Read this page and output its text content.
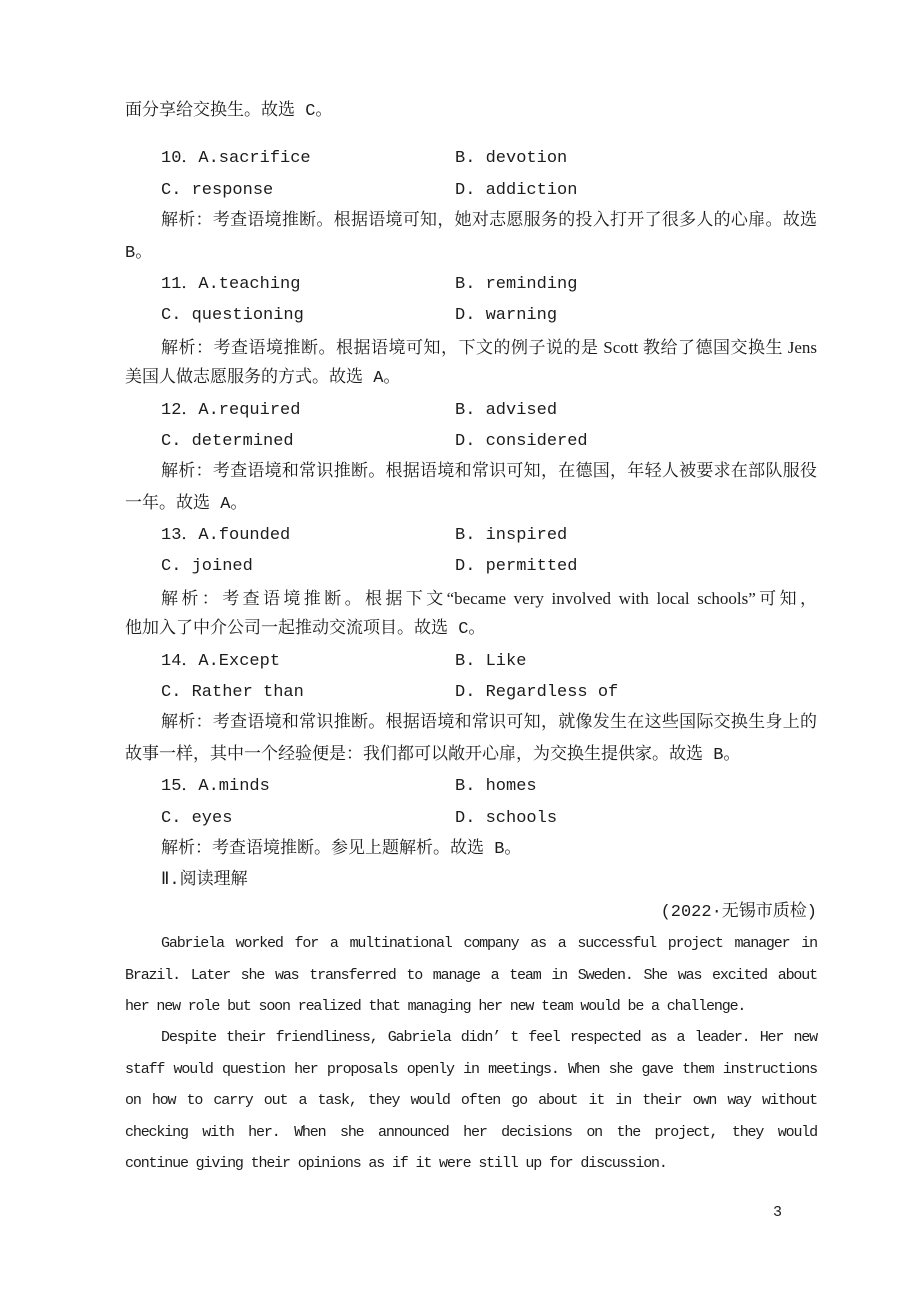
面分享给交换生。故选 C。
10．A.sacrifice	B. devotion
C. response	D. addiction
解析：考查语境推断。根据语境可知，她对志愿服务的投入打开了很多人的心扉。故选
B。
11．A.teaching	B. reminding
C. questioning	D. warning
解析：考查语境推断。根据语境可知，下文的例子说的是 Scott 教给了德国交换生 Jens
美国人做志愿服务的方式。故选 A。
12．A.required	B. advised
C. determined	D. considered
解析：考查语境和常识推断。根据语境和常识可知，在德国，年轻人被要求在部队服役
一年。故选 A。
13．A.founded	B. inspired
C. joined	D. permitted
解析：考查语境推断。根据下文“became very involved with local schools”可知，
他加入了中介公司一起推动交流项目。故选 C。
14．A.Except	B. Like
C. Rather than	D. Regardless of
解析：考查语境和常识推断。根据语境和常识可知，就像发生在这些国际交换生身上的
故事一样，其中一个经验便是：我们都可以敞开心扉，为交换生提供家。故选 B。
15．A.minds	B. homes
C. eyes	D. schools
解析：考查语境推断。参见上题解析。故选 B。
Ⅱ.阅读理解
(2022·无锡市质检)
Gabriela worked for a multinational company as a successful project manager in
Brazil. Later she was transferred to manage a team in Sweden. She was excited about
her new role but soon realized that managing her new team would be a challenge.
Despite their friendliness, Gabriela didn’ t feel respected as a leader. Her new
staff would question her proposals openly in meetings. When she gave them instructions
on how to carry out a task, they would often go about it in their own way without
checking with her. When she announced her decisions on the project, they would
continue giving their opinions as if it were still up for discussion.
3
